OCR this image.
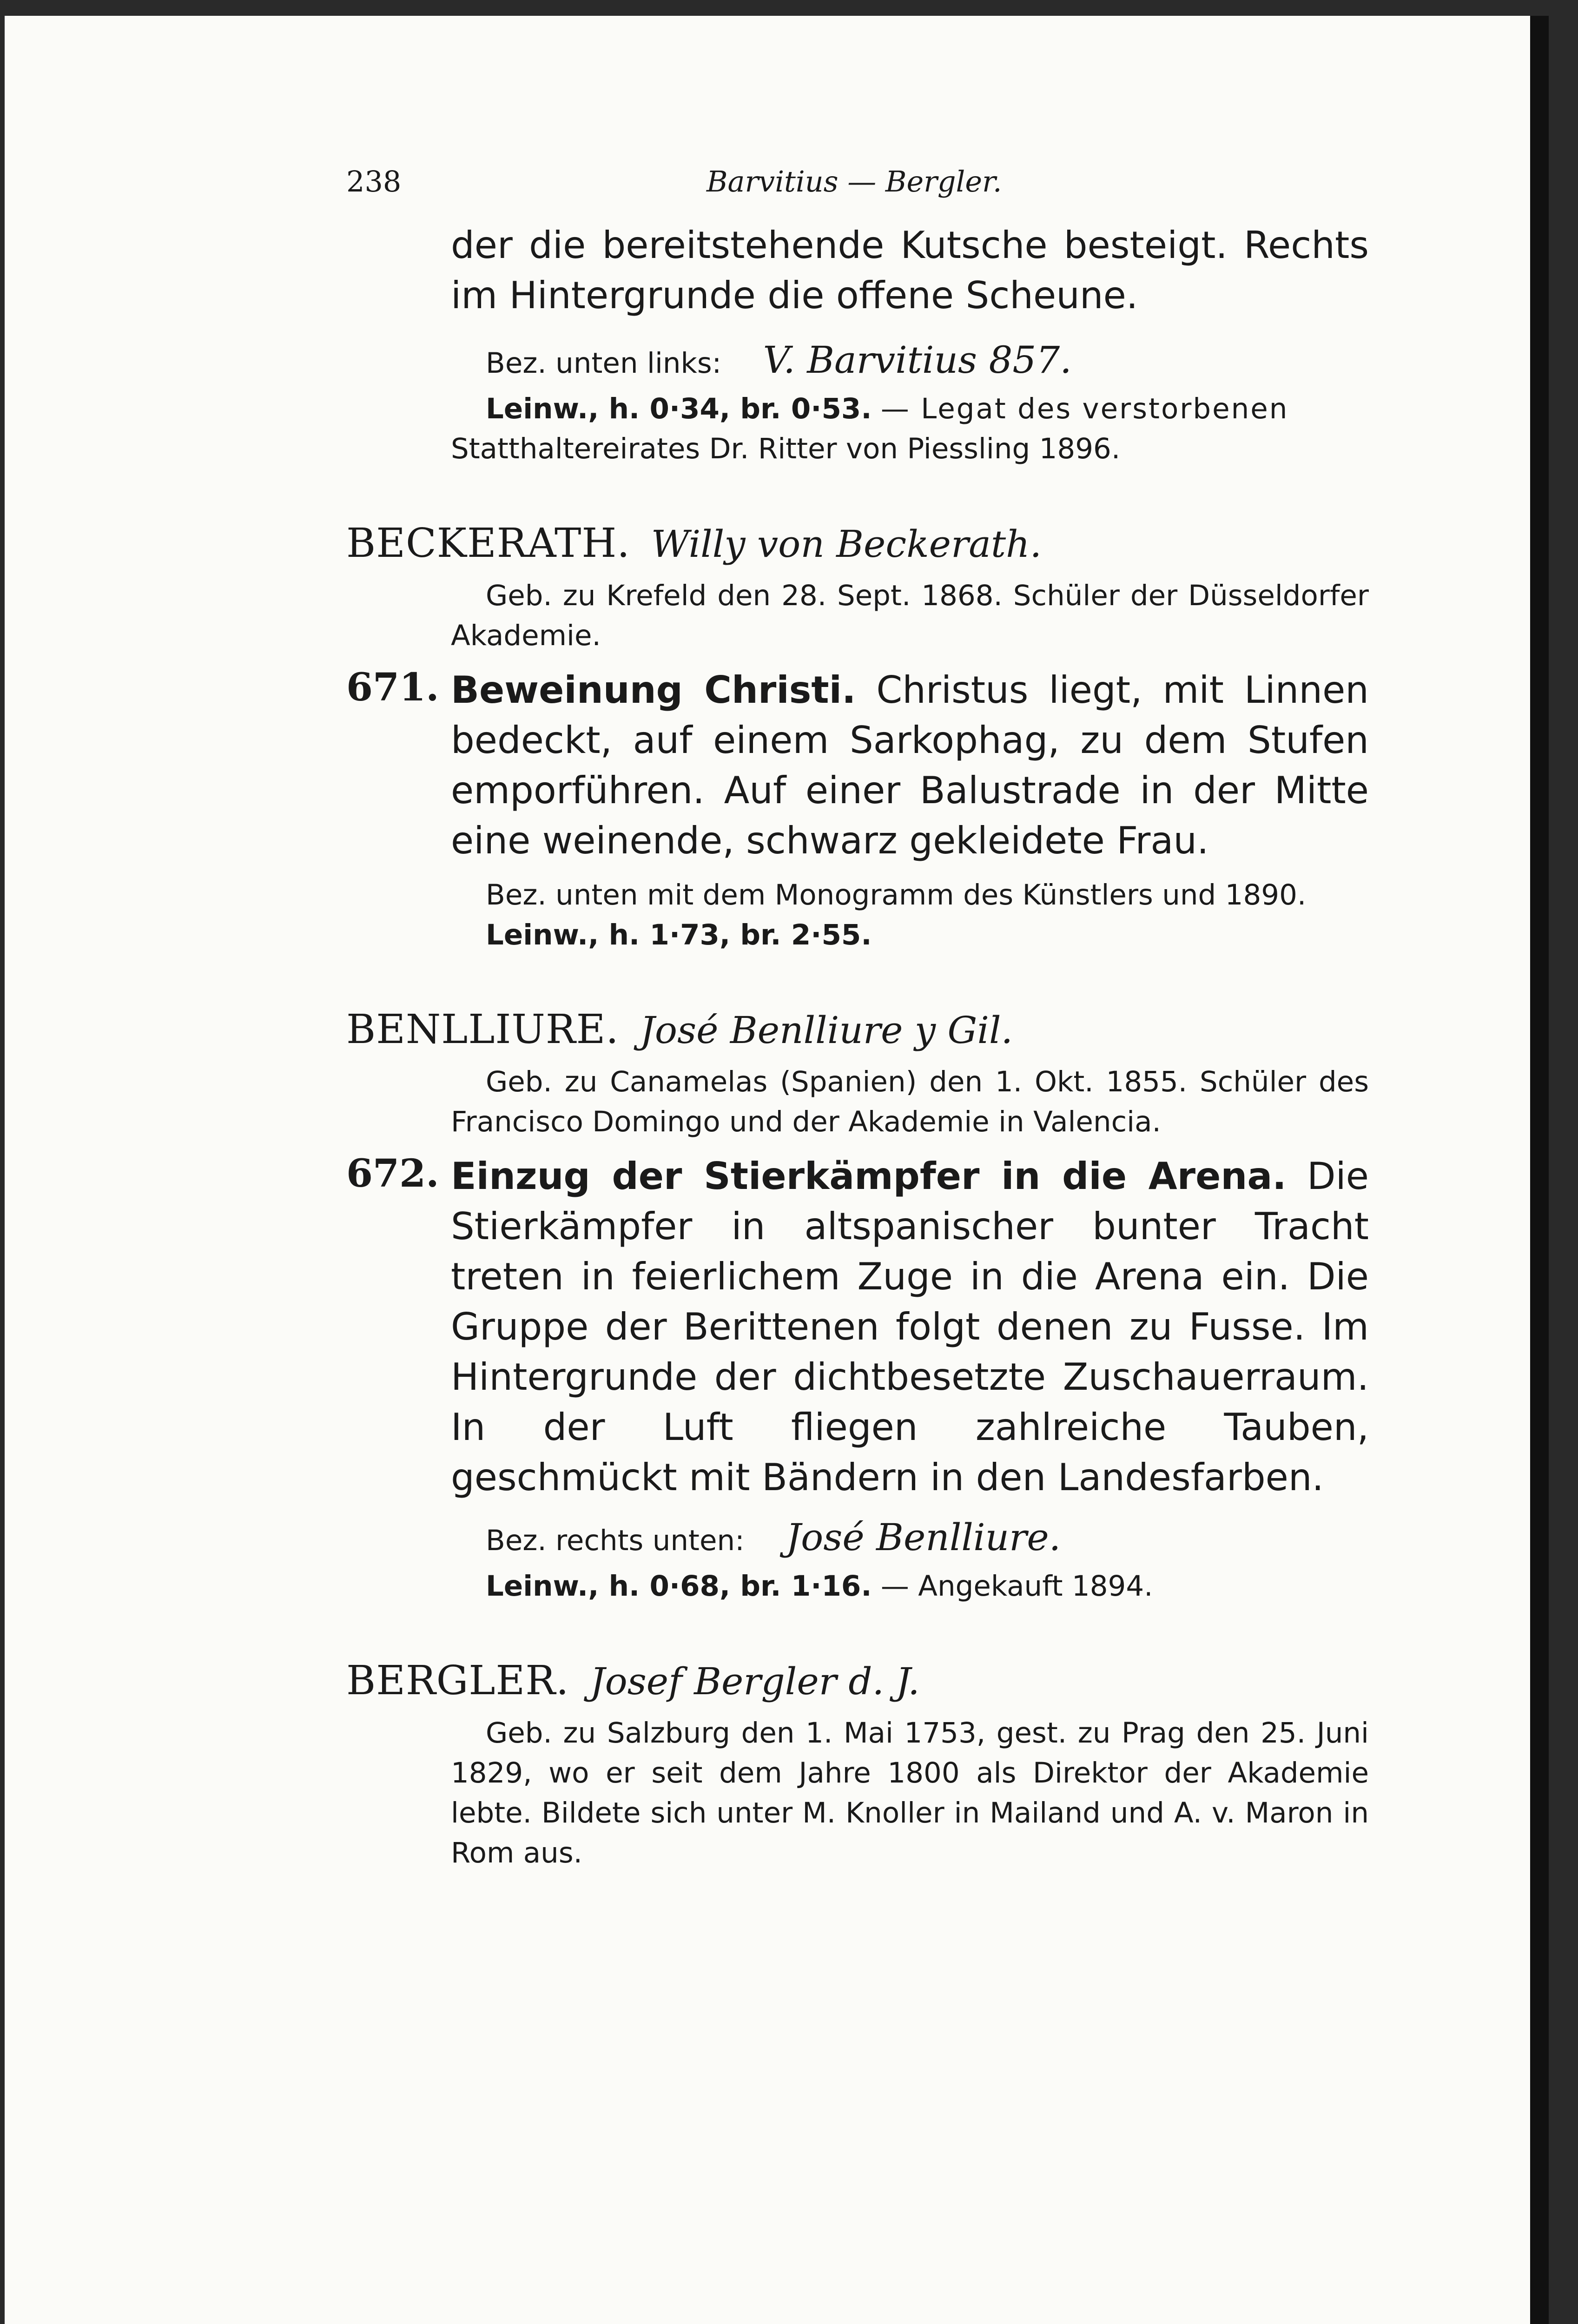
238	Barvitius — Bergler.

der die bereitstehende Kutsche besteigt. Rechts im Hintergrunde die offene Scheune.

Bez. unten links: V. Barvitius 857.

Leinw., h. 0·34, br. 0·53. — Legat des verstorbenen
Statthaltereirates Dr. Ritter von Piessling 1896.

BECKERATH. Willy von Beckerath.

Geb. zu Krefeld den 28. Sept. 1868. Schüler der Düsseldorfer Akademie.

671. Beweinung Christi. Christus liegt, mit Linnen bedeckt, auf einem Sarkophag, zu dem Stufen emporführen. Auf einer Balustrade in der Mitte eine weinende, schwarz gekleidete Frau.

Bez. unten mit dem Monogramm des Künstlers und 1890.

Leinw., h. 1·73, br. 2·55.

BENLLIURE. José Benlliure y Gil.

Geb. zu Canamelas (Spanien) den 1. Okt. 1855. Schüler des Francisco Domingo und der Akademie in Valencia.

672. Einzug der Stierkämpfer in die Arena. Die Stierkämpfer in altspanischer bunter Tracht treten in feierlichem Zuge in die Arena ein. Die Gruppe der Berittenen folgt denen zu Fusse. Im Hintergrunde der dichtbesetzte Zuschauerraum. In der Luft fliegen zahlreiche Tauben, geschmückt mit Bändern in den Landesfarben.

Bez. rechts unten: José Benlliure.

Leinw., h. 0·68, br. 1·16. — Angekauft 1894.

BERGLER. Josef Bergler d. J.

Geb. zu Salzburg den 1. Mai 1753, gest. zu Prag den 25. Juni 1829, wo er seit dem Jahre 1800 als Direktor der Akademie lebte. Bildete sich unter M. Knoller in Mailand und A. v. Maron in Rom aus.
